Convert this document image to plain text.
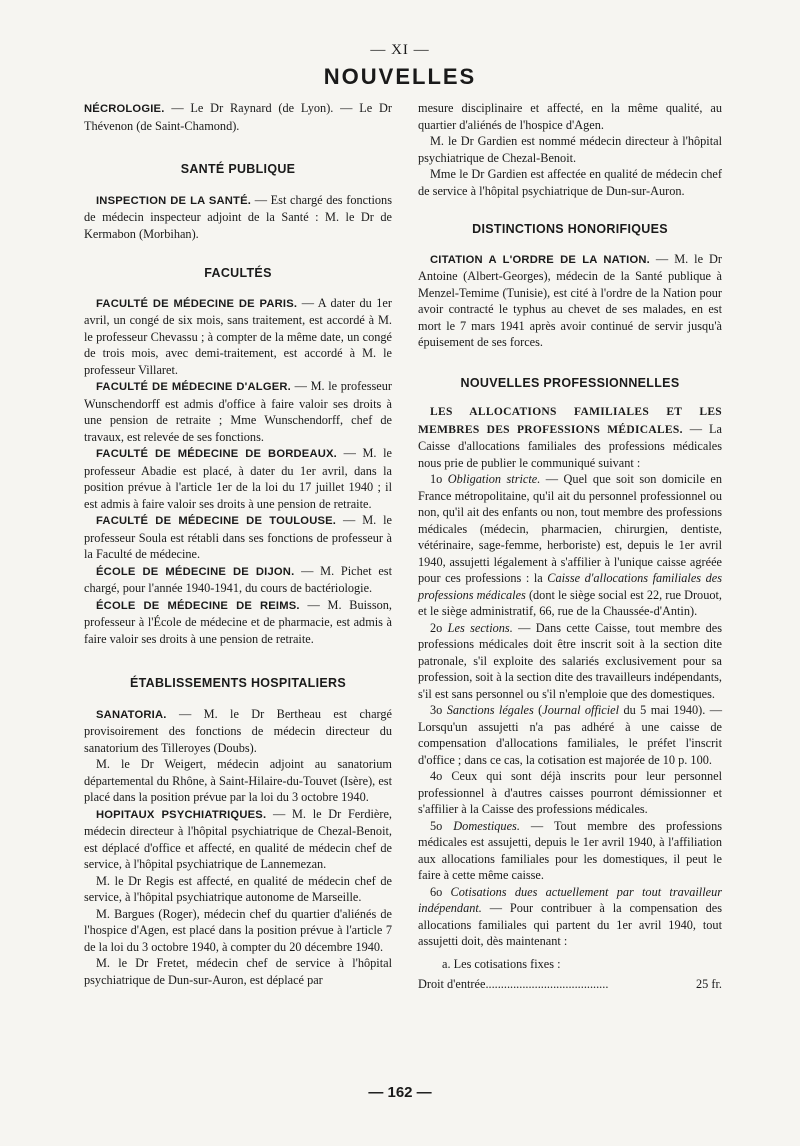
— XI —
NOUVELLES

NÉCROLOGIE. — Le Dr Raynard (de Lyon). — Le Dr Thévenon (de Saint-Chamond).

SANTÉ PUBLIQUE

INSPECTION DE LA SANTÉ. — Est chargé des fonctions de médecin inspecteur adjoint de la Santé : M. le Dr de Kermabon (Morbihan).

FACULTÉS

FACULTÉ DE MÉDECINE DE PARIS. — A dater du 1er avril, un congé de six mois, sans traitement, est accordé à M. le professeur Chevassu ; à compter de la même date, un congé de trois mois, avec demi-traitement, est accordé à M. le professeur Villaret.

FACULTÉ DE MÉDECINE D'ALGER. — M. le professeur Wunschendorff est admis d'office à faire valoir ses droits à une pension de retraite ; Mme Wunschendorff, chef de travaux, est relevée de ses fonctions.

FACULTÉ DE MÉDECINE DE BORDEAUX. — M. le professeur Abadie est placé, à dater du 1er avril, dans la position prévue à l'article 1er de la loi du 17 juillet 1940 ; il est admis à faire valoir ses droits à une pension de retraite.

FACULTÉ DE MÉDECINE DE TOULOUSE. — M. le professeur Soula est rétabli dans ses fonctions de professeur à la Faculté de médecine.

ÉCOLE DE MÉDECINE DE DIJON. — M. Pichet est chargé, pour l'année 1940-1941, du cours de bactériologie.

ÉCOLE DE MÉDECINE DE REIMS. — M. Buisson, professeur à l'École de médecine et de pharmacie, est admis à faire valoir ses droits à une pension de retraite.

ÉTABLISSEMENTS HOSPITALIERS

SANATORIA. — M. le Dr Bertheau est chargé provisoirement des fonctions de médecin directeur du sanatorium des Tilleroyes (Doubs).

M. le Dr Weigert, médecin adjoint au sanatorium départemental du Rhône, à Saint-Hilaire-du-Touvet (Isère), est placé dans la position prévue par la loi du 3 octobre 1940.

HOPITAUX PSYCHIATRIQUES. — M. le Dr Ferdière, médecin directeur à l'hôpital psychiatrique de Chezal-Benoit, est déplacé d'office et affecté, en qualité de médecin chef de service, à l'hôpital psychiatrique de Lannemezan.

M. le Dr Regis est affecté, en qualité de médecin chef de service, à l'hôpital psychiatrique autonome de Marseille.

M. Bargues (Roger), médecin chef du quartier d'aliénés de l'hospice d'Agen, est placé dans la position prévue à l'article 7 de la loi du 3 octobre 1940, à compter du 20 décembre 1940.

M. le Dr Fretet, médecin chef de service à l'hôpital psychiatrique de Dun-sur-Auron, est déplacé par

mesure disciplinaire et affecté, en la même qualité, au quartier d'aliénés de l'hospice d'Agen.

M. le Dr Gardien est nommé médecin directeur à l'hôpital psychiatrique de Chezal-Benoit.

Mme le Dr Gardien est affectée en qualité de médecin chef de service à l'hôpital psychiatrique de Dun-sur-Auron.

DISTINCTIONS HONORIFIQUES

CITATION A L'ORDRE DE LA NATION. — M. le Dr Antoine (Albert-Georges), médecin de la Santé publique à Menzel-Temime (Tunisie), est cité à l'ordre de la Nation pour avoir contracté le typhus au chevet de ses malades, en est mort le 7 mars 1941 après avoir continué de servir jusqu'à épuisement de ses forces.

NOUVELLES PROFESSIONNELLES

LES ALLOCATIONS FAMILIALES ET LES MEMBRES DES PROFESSIONS MÉDICALES. — La Caisse d'allocations familiales des professions médicales nous prie de publier le communiqué suivant :

1o Obligation stricte. — Quel que soit son domicile en France métropolitaine, qu'il ait du personnel professionnel ou non, qu'il ait des enfants ou non, tout membre des professions médicales (médecin, pharmacien, chirurgien, dentiste, vétérinaire, sage-femme, herboriste) est, depuis le 1er avril 1940, assujetti légalement à s'affilier à l'unique caisse agréée pour ces professions : la Caisse d'allocations familiales des professions médicales (dont le siège social est 22, rue Drouot, et le siège administratif, 66, rue de la Chaussée-d'Antin).

2o Les sections. — Dans cette Caisse, tout membre des professions médicales doit être inscrit soit à la section dite patronale, s'il exploite des salariés exclusivement pour sa profession, soit à la section dite des travailleurs indépendants, s'il est sans personnel ou s'il n'emploie que des domestiques.

3o Sanctions légales (Journal officiel du 5 mai 1940). — Lorsqu'un assujetti n'a pas adhéré à une caisse de compensation d'allocations familiales, le préfet l'inscrit d'office ; dans ce cas, la cotisation est majorée de 10 p. 100.

4o Ceux qui sont déjà inscrits pour leur personnel professionnel à d'autres caisses pourront démissionner et s'affilier à la Caisse des professions médicales.

5o Domestiques. — Tout membre des professions médicales est assujetti, depuis le 1er avril 1940, à l'affiliation aux allocations familiales pour les domestiques, il peut le faire à cette même caisse.

6o Cotisations dues actuellement par tout travailleur indépendant. — Pour contribuer à la compensation des allocations familiales qui partent du 1er avril 1940, tout assujetti doit, dès maintenant :

a. Les cotisations fixes :

Droit d'entrée........................................	25 fr.
— 162 —
